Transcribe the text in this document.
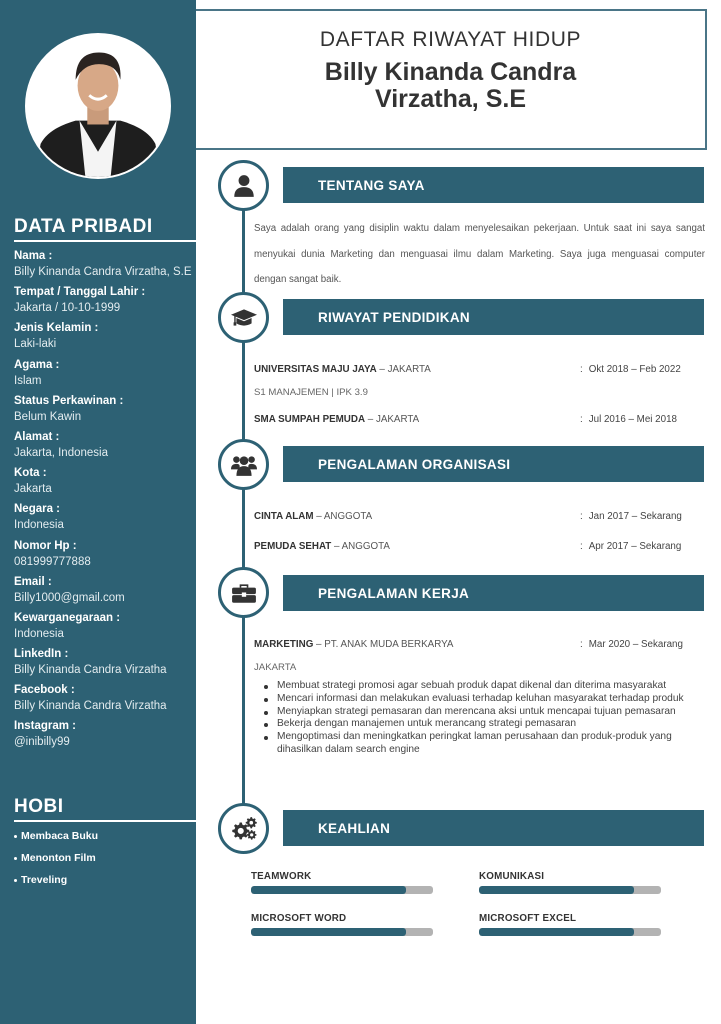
DATA PRIBADI
Nama :
Billy Kinanda Candra Virzatha, S.E
Tempat / Tanggal Lahir :
Jakarta / 10-10-1999
Jenis Kelamin :
Laki-laki
Agama :
Islam
Status Perkawinan :
Belum Kawin
Alamat :
Jakarta, Indonesia
Kota :
Jakarta
Negara :
Indonesia
Nomor Hp :
081999777888
Email :
Billy1000@gmail.com
Kewarganegaraan :
Indonesia
LinkedIn :
Billy Kinanda Candra Virzatha
Facebook :
Billy Kinanda Candra Virzatha
Instagram :
@inibilly99
HOBI
Membaca Buku
Menonton Film
Treveling
DAFTAR RIWAYAT HIDUP
Billy Kinanda Candra
Virzatha, S.E
TENTANG SAYA

Saya adalah orang yang disiplin waktu dalam menyelesaikan pekerjaan. Untuk saat ini saya sangat menyukai dunia Marketing dan menguasai ilmu dalam Marketing. Saya juga menguasai computer dengan sangat baik.

RIWAYAT PENDIDIKAN
UNIVERSITAS MAJU JAYA – JAKARTA	: Okt 2018 – Feb 2022
S1 MANAJEMEN | IPK 3.9
SMA SUMPAH PEMUDA – JAKARTA	: Jul 2016 – Mei 2018
PENGALAMAN ORGANISASI
CINTA ALAM – ANGGOTA	: Jan 2017 – Sekarang
PEMUDA SEHAT – ANGGOTA	: Apr 2017 – Sekarang
PENGALAMAN KERJA
MARKETING – PT. ANAK MUDA BERKARYA	: Mar 2020 – Sekarang
JAKARTA
Membuat strategi promosi agar sebuah produk dapat dikenal dan diterima masyarakat
Mencari informasi dan melakukan evaluasi terhadap keluhan masyarakat terhadap produk
Menyiapkan strategi pemasaran dan merencana aksi untuk mencapai tujuan pemasaran
Bekerja dengan manajemen untuk merancang strategi pemasaran
Mengoptimasi dan meningkatkan peringkat laman perusahaan dan produk-produk yang dihasilkan dalam search engine
KEAHLIAN
TEAMWORK	KOMUNIKASI
MICROSOFT WORD	MICROSOFT EXCEL
